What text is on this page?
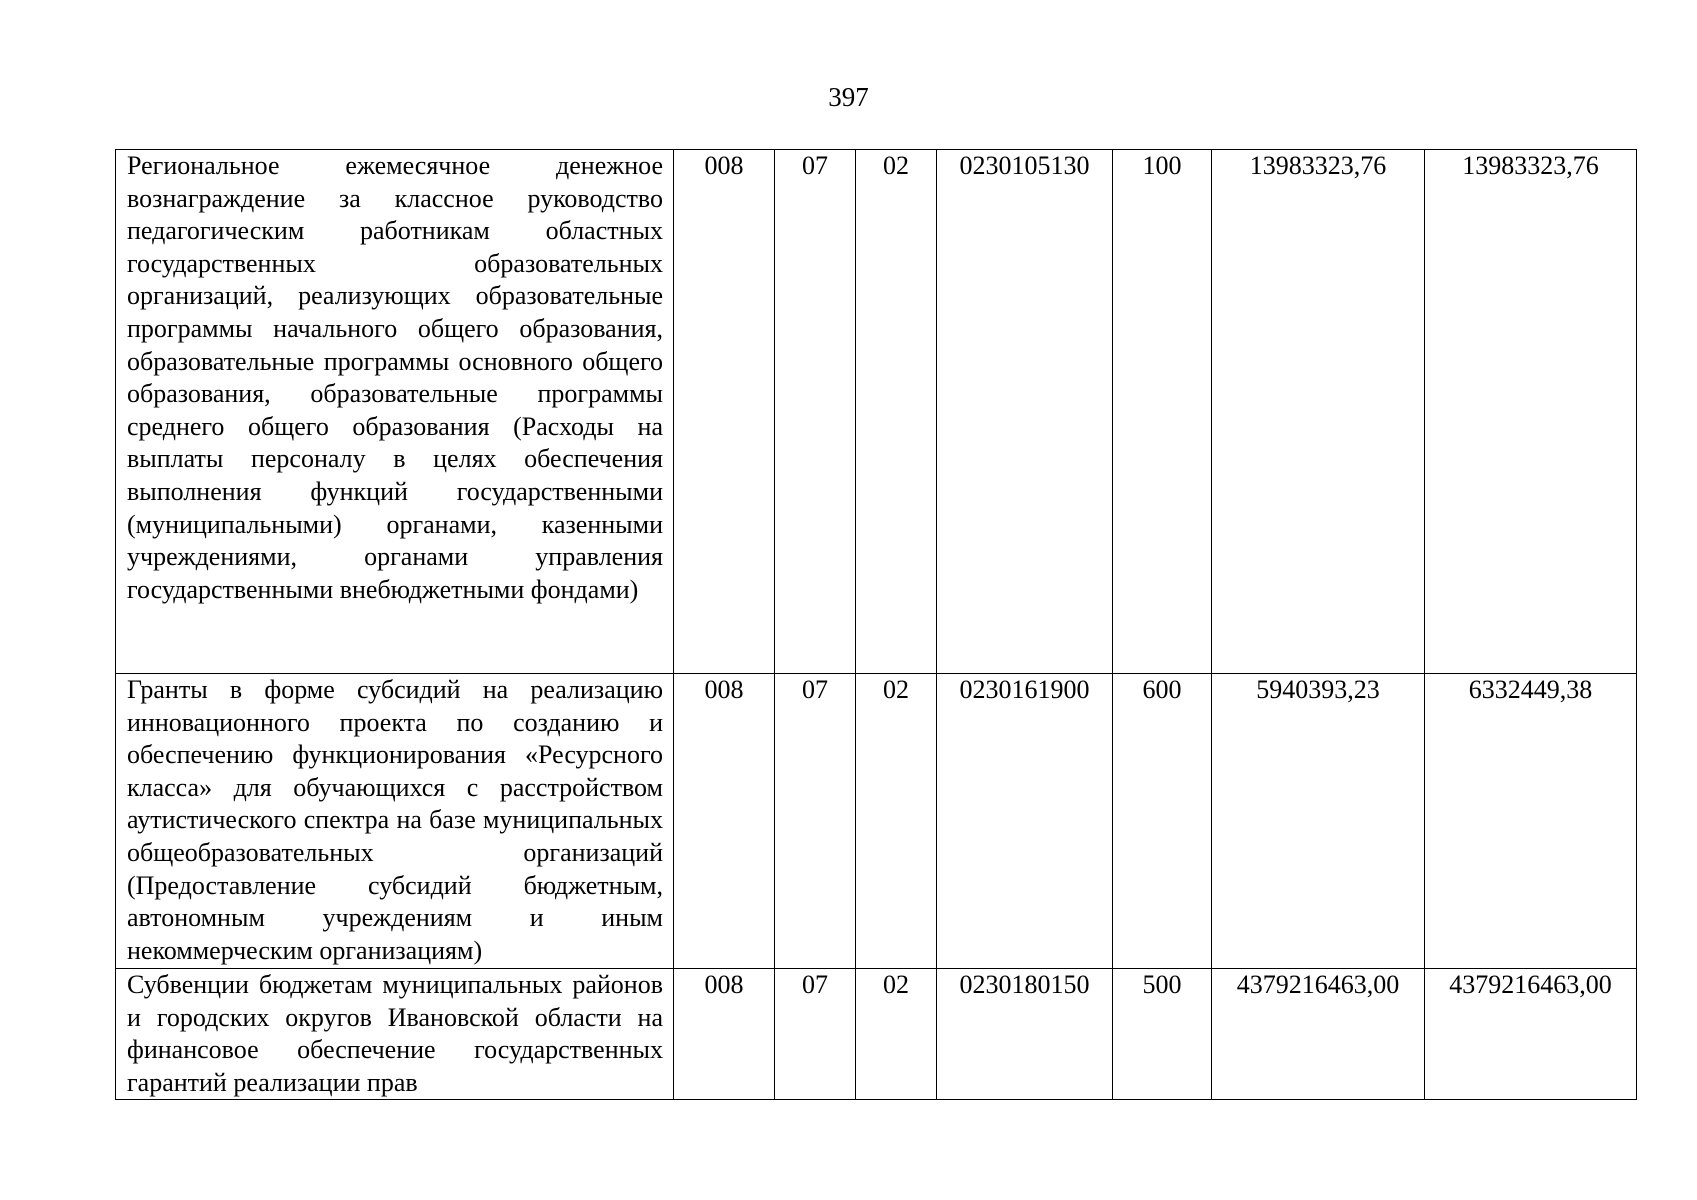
397
Региональное ежемесячное денежное вознаграждение за классное руководство педагогическим работникам областных государственных образовательных организаций, реализующих образовательные программы начального общего образования, образовательные программы основного общего образования, образовательные программы среднего общего образования (Расходы на выплаты персоналу в целях обеспечения выполнения функций государственными (муниципальными) органами, казенными учреждениями, органами управления государственными внебюджетными фондами)	008	07	02	0230105130	100	13983323,76	13983323,76
Гранты в форме субсидий на реализацию инновационного проекта по созданию и обеспечению функционирования «Ресурсного класса» для обучающихся с расстройством аутистического спектра на базе муниципальных общеобразовательных организаций (Предоставление субсидий бюджетным, автономным учреждениям и иным некоммерческим организациям)	008	07	02	0230161900	600	5940393,23	6332449,38
Субвенции бюджетам муниципальных районов и городских округов Ивановской области на финансовое обеспечение государственных гарантий реализации прав	008	07	02	0230180150	500	4379216463,00	4379216463,00
